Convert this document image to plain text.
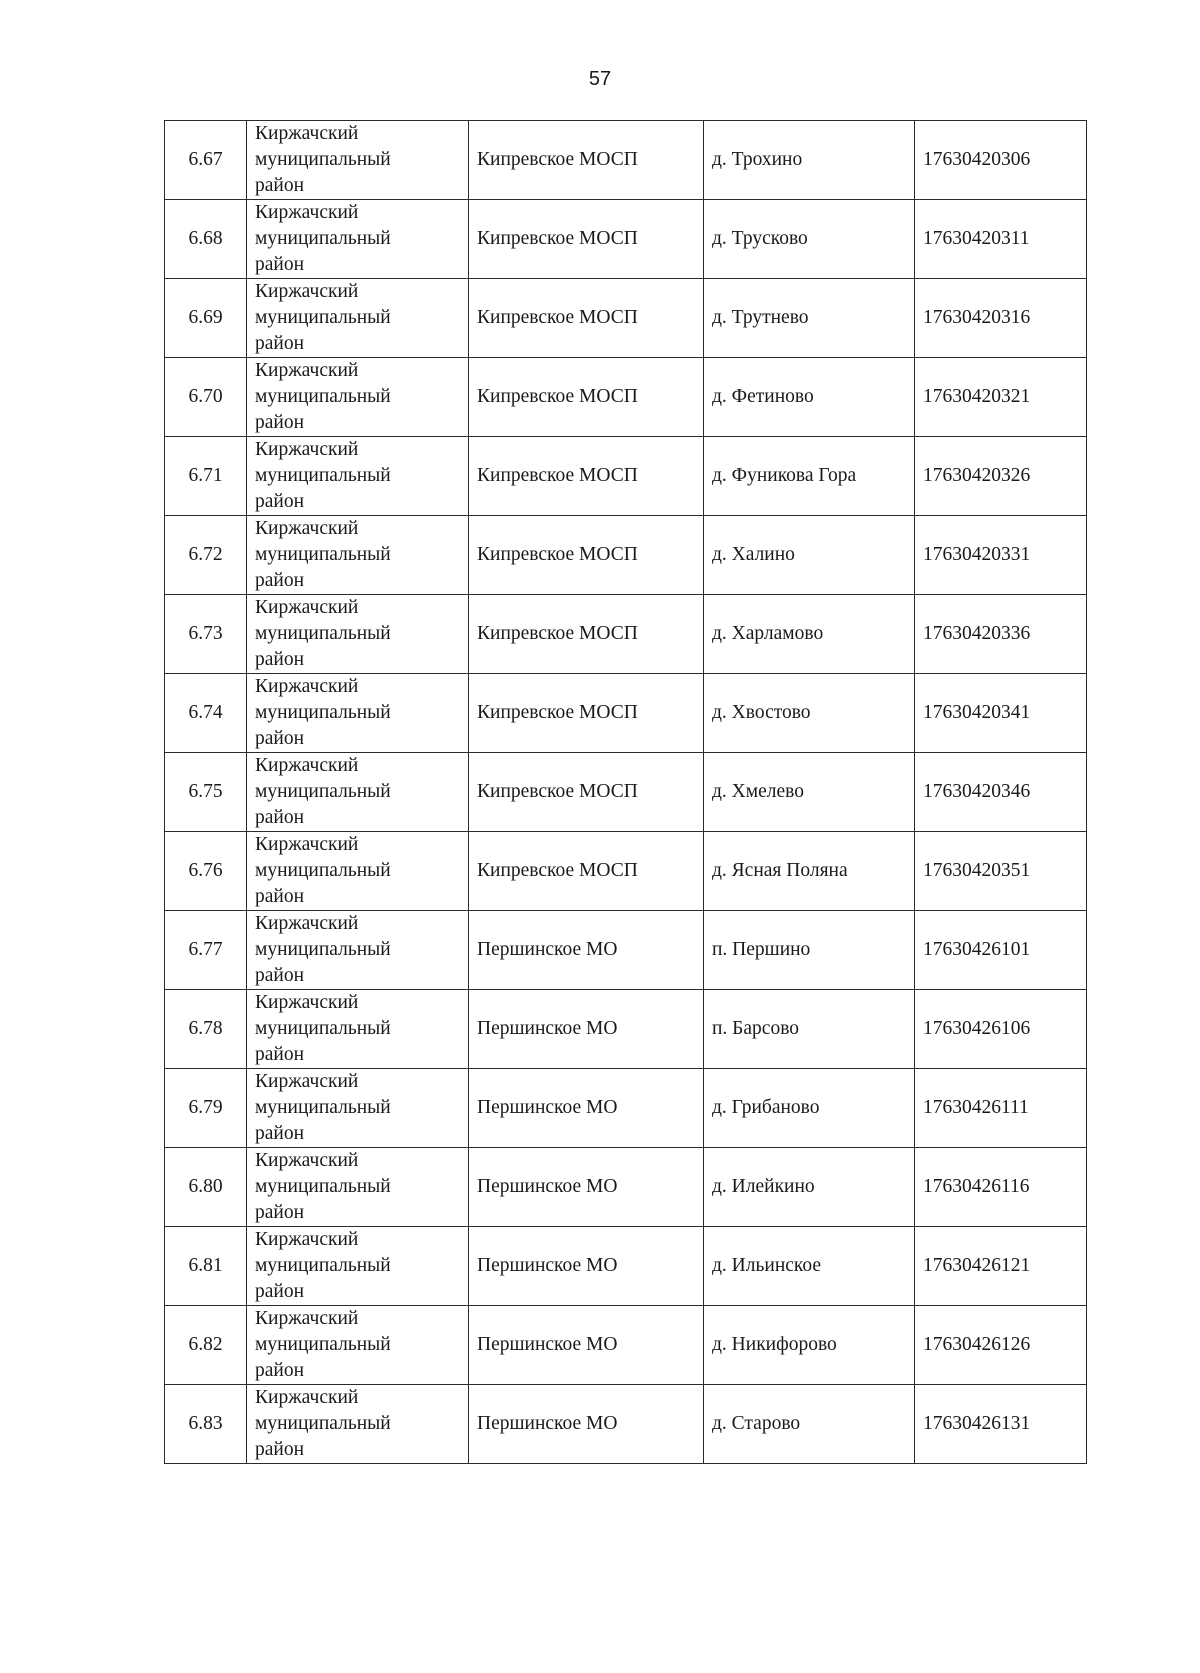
57
6.67	Киржачский
муниципальный
район	Кипревское МОСП	д. Трохино	17630420306
6.68	Киржачский
муниципальный
район	Кипревское МОСП	д. Трусково	17630420311
6.69	Киржачский
муниципальный
район	Кипревское МОСП	д. Трутнево	17630420316
6.70	Киржачский
муниципальный
район	Кипревское МОСП	д. Фетиново	17630420321
6.71	Киржачский
муниципальный
район	Кипревское МОСП	д. Фуникова Гора	17630420326
6.72	Киржачский
муниципальный
район	Кипревское МОСП	д. Халино	17630420331
6.73	Киржачский
муниципальный
район	Кипревское МОСП	д. Харламово	17630420336
6.74	Киржачский
муниципальный
район	Кипревское МОСП	д. Хвостово	17630420341
6.75	Киржачский
муниципальный
район	Кипревское МОСП	д. Хмелево	17630420346
6.76	Киржачский
муниципальный
район	Кипревское МОСП	д. Ясная Поляна	17630420351
6.77	Киржачский
муниципальный
район	Першинское МО	п. Першино	17630426101
6.78	Киржачский
муниципальный
район	Першинское МО	п. Барсово	17630426106
6.79	Киржачский
муниципальный
район	Першинское МО	д. Грибаново	17630426111
6.80	Киржачский
муниципальный
район	Першинское МО	д. Илейкино	17630426116
6.81	Киржачский
муниципальный
район	Першинское МО	д. Ильинское	17630426121
6.82	Киржачский
муниципальный
район	Першинское МО	д. Никифорово	17630426126
6.83	Киржачский
муниципальный
район	Першинское МО	д. Старово	17630426131
